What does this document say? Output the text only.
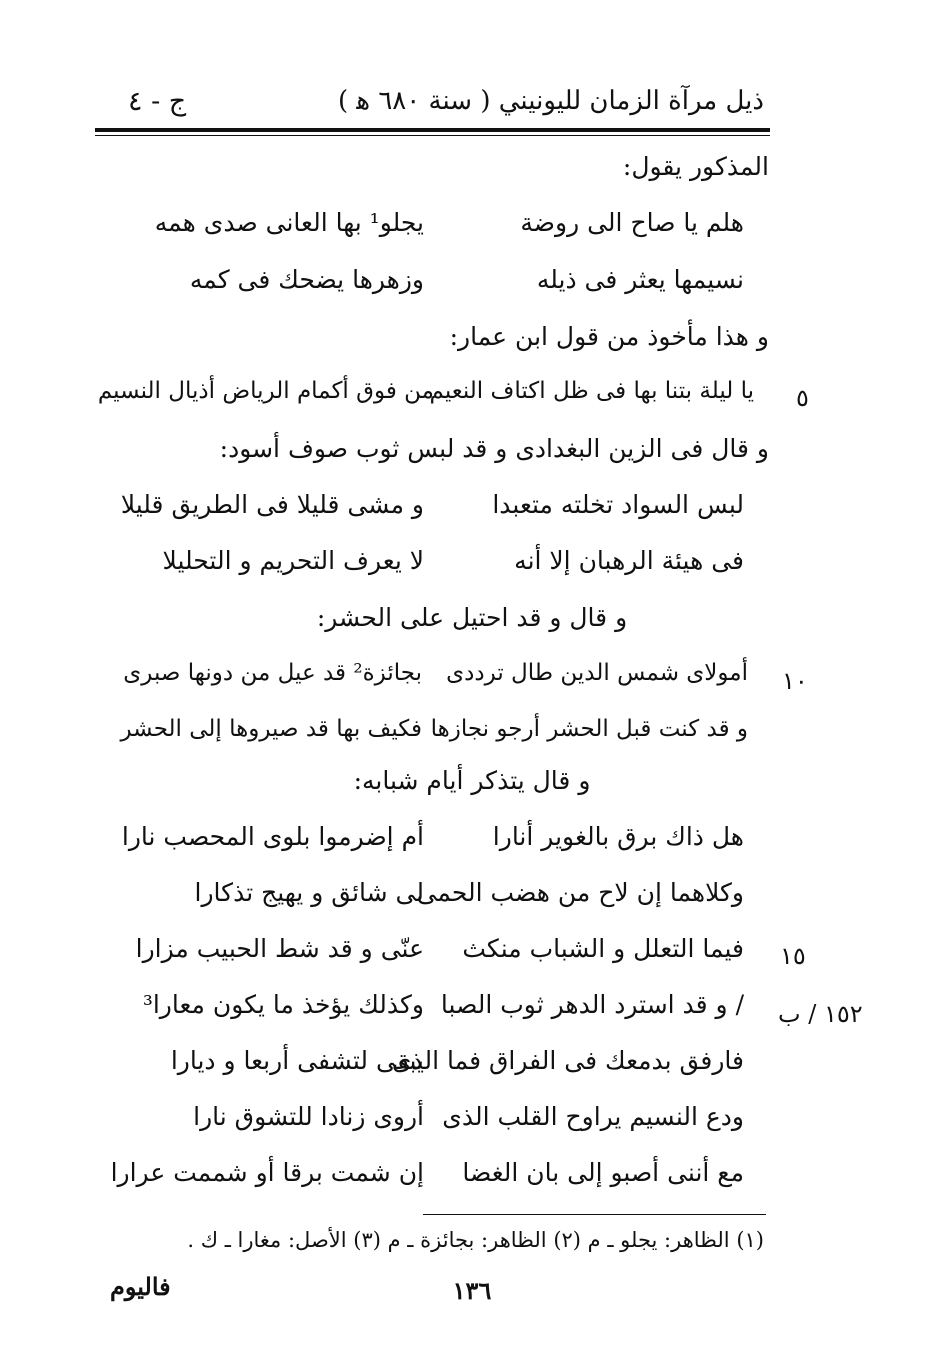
ج - ٤	ذيل مرآة الزمان لليونيني ( سنة ٦٨٠ ﻫ )
المذكور يقول:
هلم يا صاح الى روضة
يجلو¹ بها العانى صدى همه
نسيمها يعثر فى ذيله
وزهرها يضحك فى كمه
و هذا مأخوذ من قول ابن عمار:
٥
يا ليلة بتنا بها فى ظل اكتاف النعيم
من فوق أكمام الرياض أذيال النسيم
و قال فى الزين البغدادى و قد لبس ثوب صوف أسود:
لبس السواد تخلته متعبدا
و مشى قليلا فى الطريق قليلا
فى هيئة الرهبان إلا أنه
لا يعرف التحريم و التحليلا
و قال و قد احتيل على الحشر:
١٠
أمولاى شمس الدين طال ترددى
بجائزة² قد عيل من دونها صبرى
و قد كنت قبل الحشر أرجو نجازها
فكيف بها قد صيروها إلى الحشر
و قال يتذكر أيام شبابه:
هل ذاك برق بالغوير أنارا
أم إضرموا بلوى المحصب نارا
وكلاهما إن لاح من هضب الحمى
لى شائق و يهيج تذكارا
١٥
فيما التعلل و الشباب منكث
عنّى و قد شط الحبيب مزارا
١٥٢ / ب
/ و قد استرد الدهر ثوب الصبا
وكذلك يؤخذ ما يكون معارا³
فارفق بدمعك فى الفراق فما الذى
يبقى لتشفى أربعا و ديارا
ودع النسيم يراوح القلب الذى
أروى زنادا للتشوق نارا
مع أننى أصبو إلى بان الغضا
إن شمت برقا أو شممت عرارا
(١) الظاهر: يجلو ـ م (٢) الظاهر: بجائزة ـ م (٣) الأصل: مغارا ـ ك .
فاليوم	١٣٦
